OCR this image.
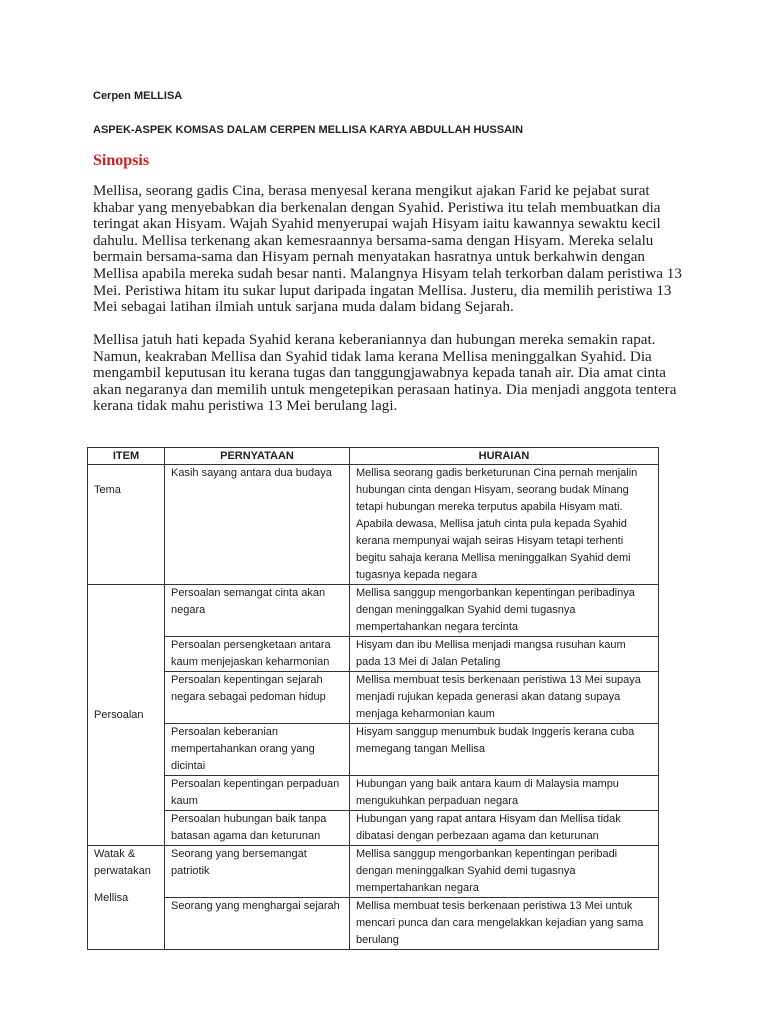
Cerpen MELLISA
ASPEK-ASPEK KOMSAS DALAM CERPEN MELLISA KARYA ABDULLAH HUSSAIN
Sinopsis

Mellisa, seorang gadis Cina, berasa menyesal kerana mengikut ajakan Farid ke pejabat surat khabar yang menyebabkan dia berkenalan dengan Syahid. Peristiwa itu telah membuatkan dia teringat akan Hisyam. Wajah Syahid menyerupai wajah Hisyam iaitu kawannya sewaktu kecil dahulu. Mellisa terkenang akan kemesraannya bersama-sama dengan Hisyam. Mereka selalu bermain bersama-sama dan Hisyam pernah menyatakan hasratnya untuk berkahwin dengan Mellisa apabila mereka sudah besar nanti. Malangnya Hisyam telah terkorban dalam peristiwa 13 Mei. Peristiwa hitam itu sukar luput daripada ingatan Mellisa. Justeru, dia memilih peristiwa 13 Mei sebagai latihan ilmiah untuk sarjana muda dalam bidang Sejarah.

Mellisa jatuh hati kepada Syahid kerana keberaniannya dan hubungan mereka semakin rapat. Namun, keakraban Mellisa dan Syahid tidak lama kerana Mellisa meninggalkan Syahid. Dia mengambil keputusan itu kerana tugas dan tanggungjawabnya kepada tanah air. Dia amat cinta akan negaranya dan memilih untuk mengetepikan perasaan hatinya. Dia menjadi anggota tentera kerana tidak mahu peristiwa 13 Mei berulang lagi.

ITEM	PERNYATAAN	HURAIAN

Tema	Kasih sayang antara dua budaya	Mellisa seorang gadis berketurunan Cina pernah menjalin hubungan cinta dengan Hisyam, seorang budak Minang tetapi hubungan mereka terputus apabila Hisyam mati. Apabila dewasa, Mellisa jatuh cinta pula kepada Syahid kerana mempunyai wajah seiras Hisyam tetapi terhenti begitu sahaja kerana Mellisa meninggalkan Syahid demi tugasnya kepada negara

Persoalan	Persoalan semangat cinta akan negara	Mellisa sanggup mengorbankan kepentingan peribadinya dengan meninggalkan Syahid demi tugasnya mempertahankan negara tercinta
	Persoalan persengketaan antara kaum menjejaskan keharmonian	Hisyam dan ibu Mellisa menjadi mangsa rusuhan kaum pada 13 Mei di Jalan Petaling
	Persoalan kepentingan sejarah negara sebagai pedoman hidup	Mellisa membuat tesis berkenaan peristiwa 13 Mei supaya menjadi rujukan kepada generasi akan datang supaya menjaga keharmonian kaum
	Persoalan keberanian mempertahankan orang yang dicintai	Hisyam sanggup menumbuk budak Inggeris kerana cuba memegang tangan Mellisa
	Persoalan kepentingan perpaduan kaum	Hubungan yang baik antara kaum di Malaysia mampu mengukuhkan perpaduan negara
	Persoalan hubungan baik tanpa batasan agama dan keturunan	Hubungan yang rapat antara Hisyam dan Mellisa tidak dibatasi dengan perbezaan agama dan keturunan

Watak &
perwatakan
Mellisa	Seorang yang bersemangat patriotik	Mellisa sanggup mengorbankan kepentingan peribadi dengan meninggalkan Syahid demi tugasnya mempertahankan negara
	Seorang yang menghargai sejarah	Mellisa membuat tesis berkenaan peristiwa 13 Mei untuk mencari punca dan cara mengelakkan kejadian yang sama berulang
